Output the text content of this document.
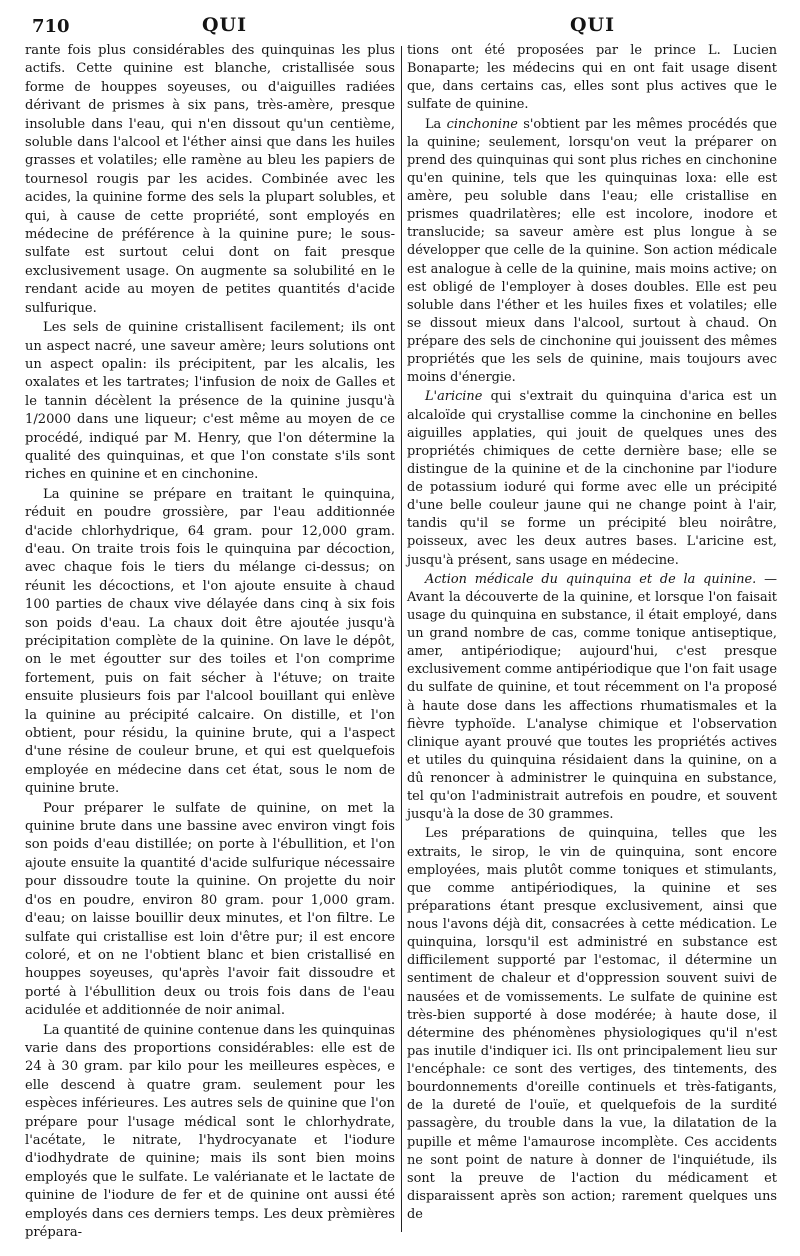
710	QUI	QUI

rante fois plus considérables des quinquinas les plus actifs. Cette quinine est blanche, cristallisée sous forme de houppes soyeuses, ou d'aiguilles radiées dérivant de prismes à six pans, très-amère, presque insoluble dans l'eau, qui n'en dissout qu'un centième, soluble dans l'alcool et l'éther ainsi que dans les huiles grasses et volatiles; elle ramène au bleu les papiers de tournesol rougis par les acides. Combinée avec les acides, la quinine forme des sels la plupart solubles, et qui, à cause de cette propriété, sont employés en médecine de préférence à la quinine pure; le sous-sulfate est surtout celui dont on fait presque exclusivement usage. On augmente sa solubilité en le rendant acide au moyen de petites quantités d'acide sulfurique.

Les sels de quinine cristallisent facilement; ils ont un aspect nacré, une saveur amère; leurs solutions ont un aspect opalin: ils précipitent, par les alcalis, les oxalates et les tartrates; l'infusion de noix de Galles et le tannin décèlent la présence de la quinine jusqu'à 1/2000 dans une liqueur; c'est même au moyen de ce procédé, indiqué par M. Henry, que l'on détermine la qualité des quinquinas, et que l'on constate s'ils sont riches en quinine et en cinchonine.

La quinine se prépare en traitant le quinquina, réduit en poudre grossière, par l'eau additionnée d'acide chlorhydrique, 64 gram. pour 12,000 gram. d'eau. On traite trois fois le quinquina par décoction, avec chaque fois le tiers du mélange ci-dessus; on réunit les décoctions, et l'on ajoute ensuite à chaud 100 parties de chaux vive délayée dans cinq à six fois son poids d'eau. La chaux doit être ajoutée jusqu'à précipitation complète de la quinine. On lave le dépôt, on le met égoutter sur des toiles et l'on comprime fortement, puis on fait sécher à l'étuve; on traite ensuite plusieurs fois par l'alcool bouillant qui enlève la quinine au précipité calcaire. On distille, et l'on obtient, pour résidu, la quinine brute, qui a l'aspect d'une résine de couleur brune, et qui est quelquefois employée en médecine dans cet état, sous le nom de quinine brute.

Pour préparer le sulfate de quinine, on met la quinine brute dans une bassine avec environ vingt fois son poids d'eau distillée; on porte à l'ébullition, et l'on ajoute ensuite la quantité d'acide sulfurique nécessaire pour dissoudre toute la quinine. On projette du noir d'os en poudre, environ 80 gram. pour 1,000 gram. d'eau; on laisse bouillir deux minutes, et l'on filtre. Le sulfate qui cristallise est loin d'être pur; il est encore coloré, et on ne l'obtient blanc et bien cristallisé en houppes soyeuses, qu'après l'avoir fait dissoudre et porté à l'ébullition deux ou trois fois dans de l'eau acidulée et additionnée de noir animal.

La quantité de quinine contenue dans les quinquinas varie dans des proportions considérables: elle est de 24 à 30 gram. par kilo pour les meilleures espèces, e elle descend à quatre gram. seulement pour les espèces inférieures. Les autres sels de quinine que l'on prépare pour l'usage médical sont le chlorhydrate, l'acétate, le nitrate, l'hydrocyanate et l'iodure d'iodhydrate de quinine; mais ils sont bien moins employés que le sulfate. Le valérianate et le lactate de quinine de l'iodure de fer et de quinine ont aussi été employés dans ces derniers temps. Les deux prèmières prépara-

tions ont été proposées par le prince L. Lucien Bonaparte; les médecins qui en ont fait usage disent que, dans certains cas, elles sont plus actives que le sulfate de quinine.

La cinchonine s'obtient par les mêmes procédés que la quinine; seulement, lorsqu'on veut la préparer on prend des quinquinas qui sont plus riches en cinchonine qu'en quinine, tels que les quinquinas loxa: elle est amère, peu soluble dans l'eau; elle cristallise en prismes quadrilatères; elle est incolore, inodore et translucide; sa saveur amère est plus longue à se développer que celle de la quinine. Son action médicale est analogue à celle de la quinine, mais moins active; on est obligé de l'employer à doses doubles. Elle est peu soluble dans l'éther et les huiles fixes et volatiles; elle se dissout mieux dans l'alcool, surtout à chaud. On prépare des sels de cinchonine qui jouissent des mêmes propriétés que les sels de quinine, mais toujours avec moins d'énergie.

L'aricine qui s'extrait du quinquina d'arica est un alcaloïde qui crystallise comme la cinchonine en belles aiguilles applaties, qui jouit de quelques unes des propriétés chimiques de cette dernière base; elle se distingue de la quinine et de la cinchonine par l'iodure de potassium ioduré qui forme avec elle un précipité d'une belle couleur jaune qui ne change point à l'air, tandis qu'il se forme un précipité bleu noirâtre, poisseux, avec les deux autres bases. L'aricine est, jusqu'à présent, sans usage en médecine.

Action médicale du quinquina et de la quinine. — Avant la découverte de la quinine, et lorsque l'on faisait usage du quinquina en substance, il était employé, dans un grand nombre de cas, comme tonique antiseptique, amer, antipériodique; aujourd'hui, c'est presque exclusivement comme antipériodique que l'on fait usage du sulfate de quinine, et tout récemment on l'a proposé à haute dose dans les affections rhumatismales et la fièvre typhoïde. L'analyse chimique et l'observation clinique ayant prouvé que toutes les propriétés actives et utiles du quinquina résidaient dans la quinine, on a dû renoncer à administrer le quinquina en substance, tel qu'on l'administrait autrefois en poudre, et souvent jusqu'à la dose de 30 grammes.

Les préparations de quinquina, telles que les extraits, le sirop, le vin de quinquina, sont encore employées, mais plutôt comme toniques et stimulants, que comme antipériodiques, la quinine et ses préparations étant presque exclusivement, ainsi que nous l'avons déjà dit, consacrées à cette médication. Le quinquina, lorsqu'il est administré en substance est difficilement supporté par l'estomac, il détermine un sentiment de chaleur et d'oppression souvent suivi de nausées et de vomissements. Le sulfate de quinine est très-bien supporté à dose modérée; à haute dose, il détermine des phénomènes physiologiques qu'il n'est pas inutile d'indiquer ici. Ils ont principalement lieu sur l'encéphale: ce sont des vertiges, des tintements, des bourdonnements d'oreille continuels et très-fatigants, de la dureté de l'ouïe, et quelquefois de la surdité passagère, du trouble dans la vue, la dilatation de la pupille et même l'amaurose incomplète. Ces accidents ne sont point de nature à donner de l'inquiétude, ils sont la preuve de l'action du médicament et disparaissent après son action; rarement quelques uns de
